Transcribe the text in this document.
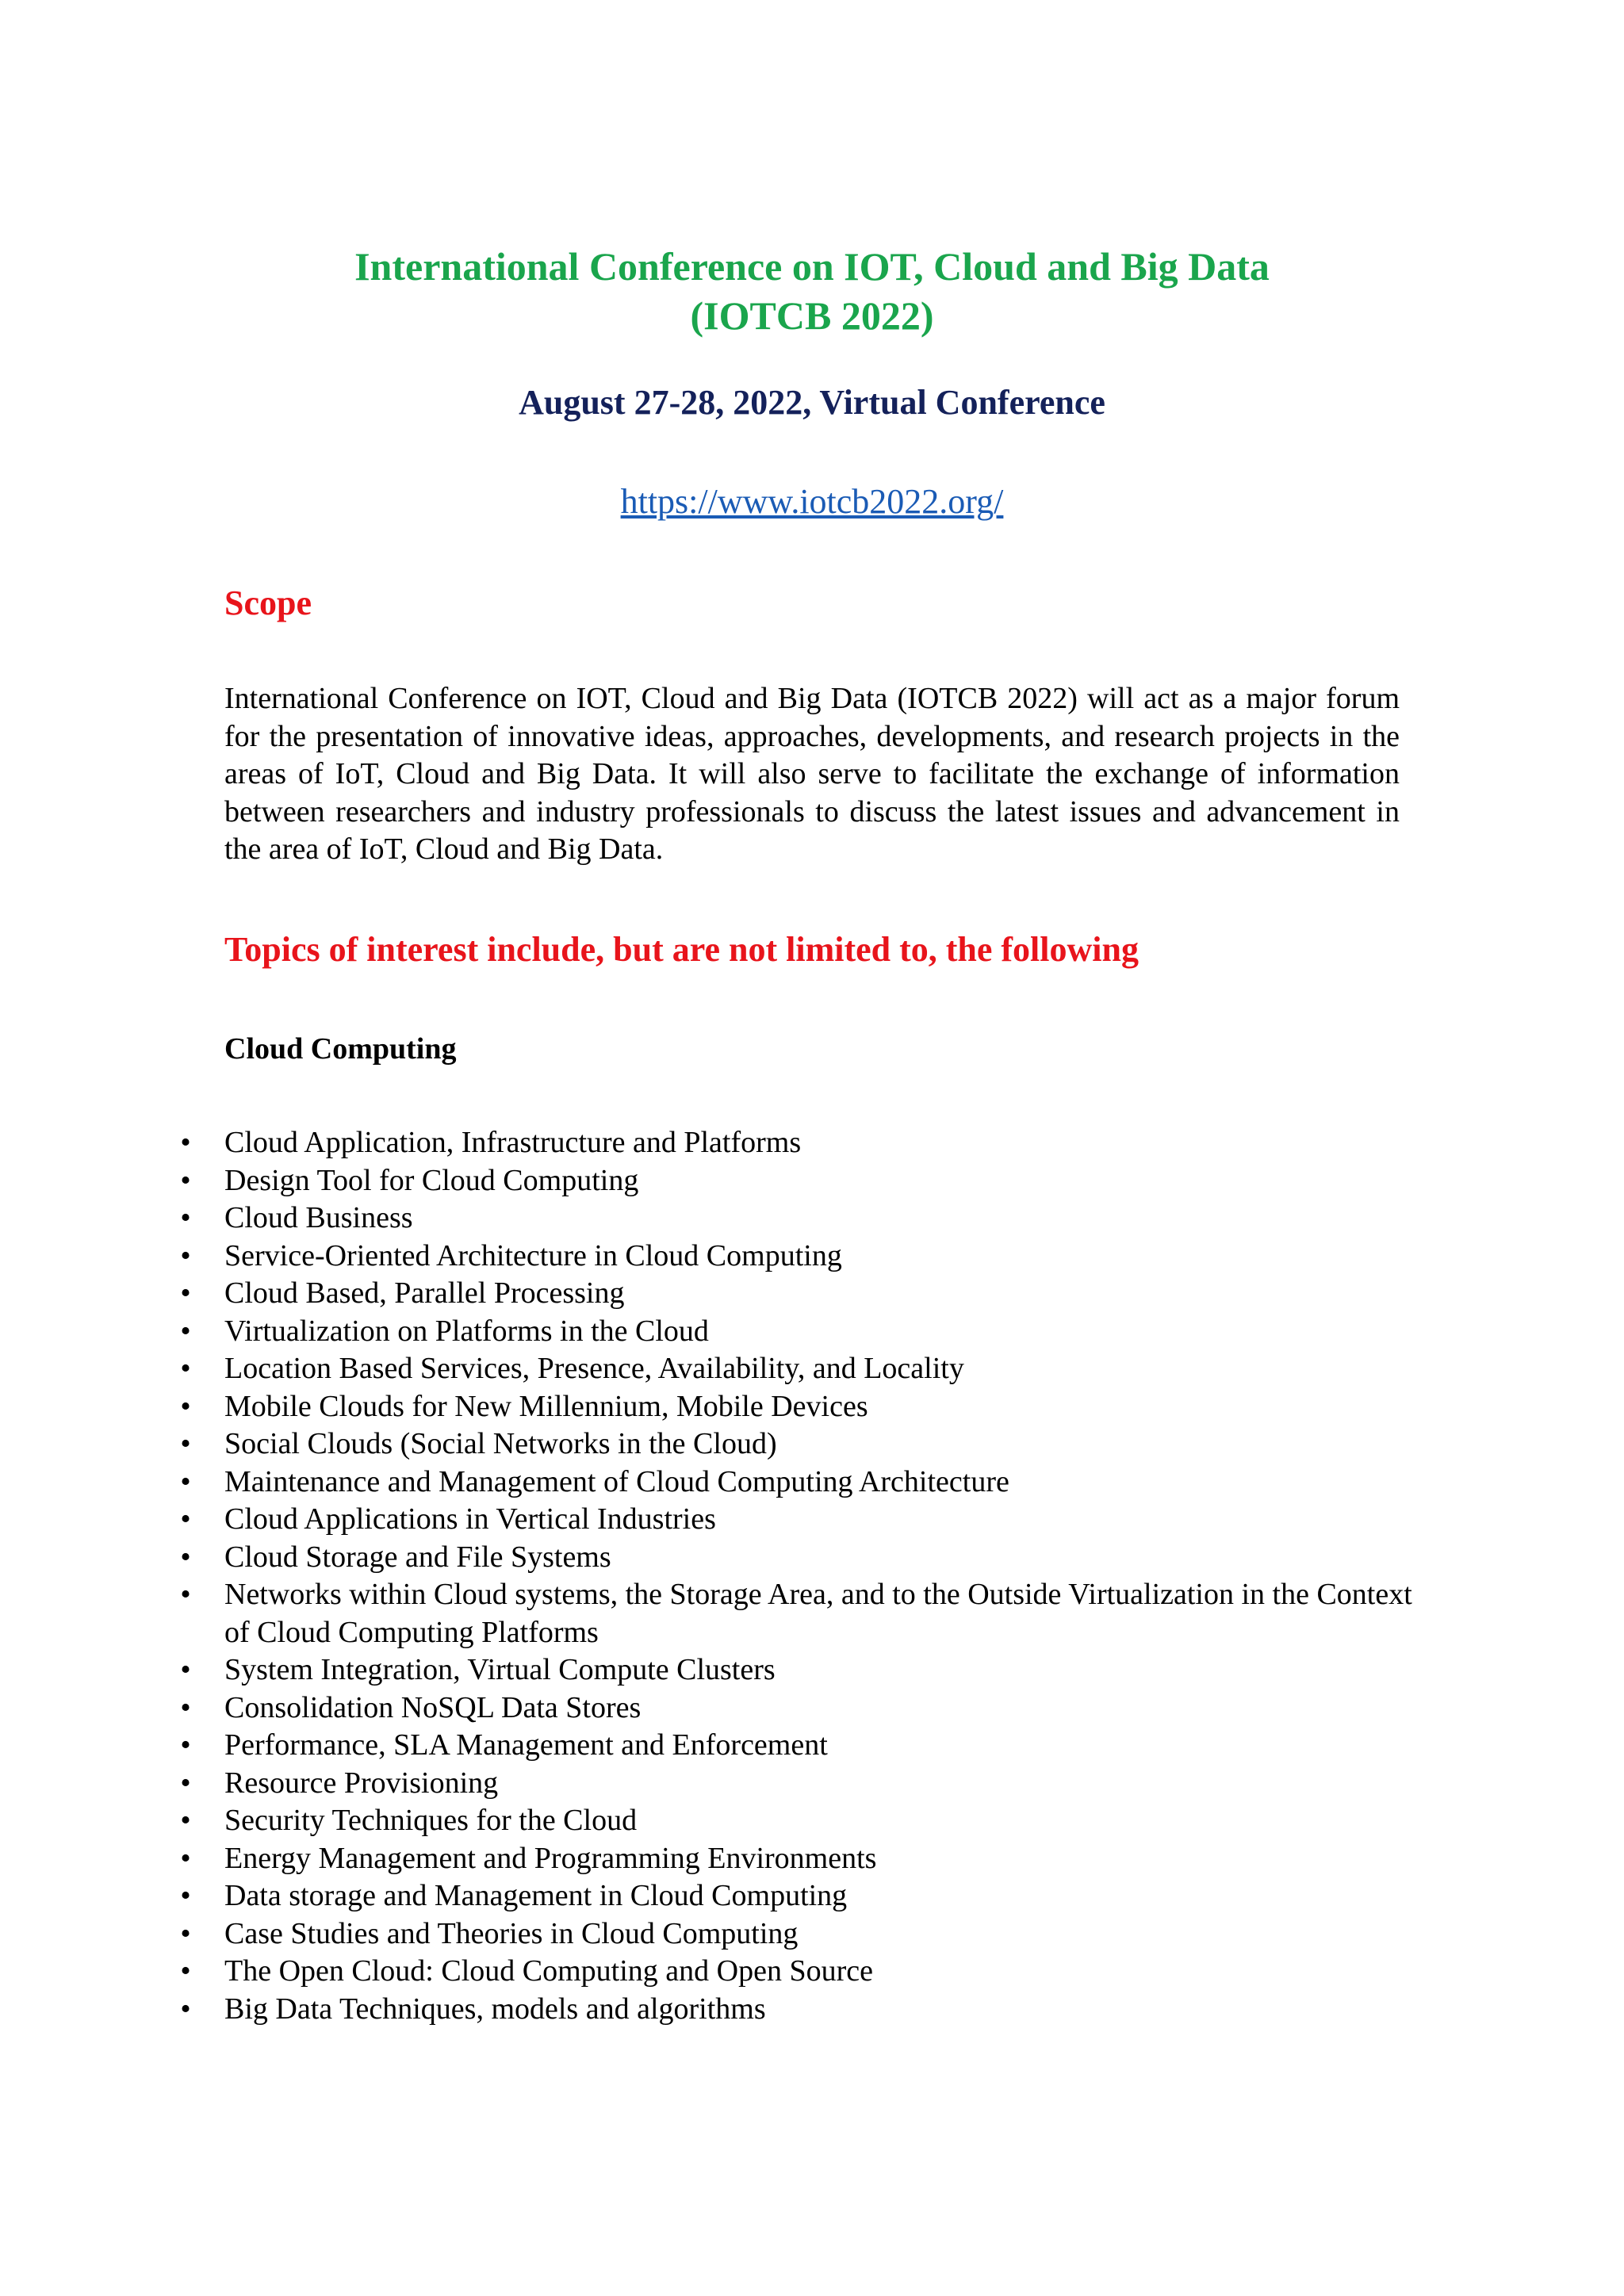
International Conference on IOT, Cloud and Big Data
(IOTCB 2022)
August 27-28, 2022, Virtual Conference
https://www.iotcb2022.org/
Scope
International Conference on IOT, Cloud and Big Data (IOTCB 2022) will act as a major forum for the presentation of innovative ideas, approaches, developments, and research projects in the areas of IoT, Cloud and Big Data. It will also serve to facilitate the exchange of information between researchers and industry professionals to discuss the latest issues and advancement in the area of IoT, Cloud and Big Data.
Topics of interest include, but are not limited to, the following
Cloud Computing
• Cloud Application, Infrastructure and Platforms
• Design Tool for Cloud Computing
• Cloud Business
• Service-Oriented Architecture in Cloud Computing
• Cloud Based, Parallel Processing
• Virtualization on Platforms in the Cloud
• Location Based Services, Presence, Availability, and Locality
• Mobile Clouds for New Millennium, Mobile Devices
• Social Clouds (Social Networks in the Cloud)
• Maintenance and Management of Cloud Computing Architecture
• Cloud Applications in Vertical Industries
• Cloud Storage and File Systems
• Networks within Cloud systems, the Storage Area, and to the Outside Virtualization in the Context of Cloud Computing Platforms
• System Integration, Virtual Compute Clusters
• Consolidation NoSQL Data Stores
• Performance, SLA Management and Enforcement
• Resource Provisioning
• Security Techniques for the Cloud
• Energy Management and Programming Environments
• Data storage and Management in Cloud Computing
• Case Studies and Theories in Cloud Computing
• The Open Cloud: Cloud Computing and Open Source
• Big Data Techniques, models and algorithms
